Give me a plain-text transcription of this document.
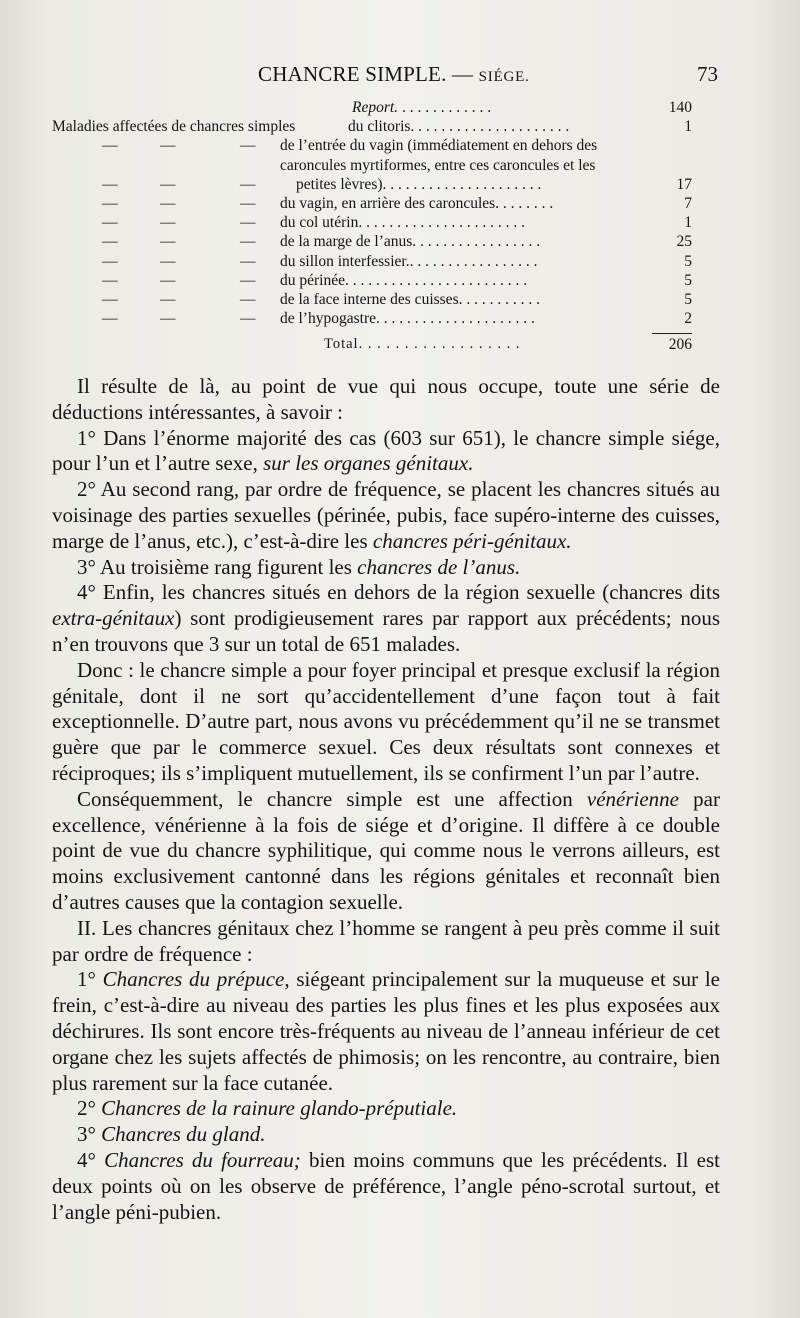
CHANCRE SIMPLE. — SIÉGE.	73
Report. . . . . . . . . . . . .	140
Maladies affectées de chancres simples	du clitoris. . . . . . . . . . . . . . . . . . . . .	1
—	—	— de l’entrée du vagin (immédiatement en dehors des
caroncules myrtiformes, entre ces caroncules et les
—	—	—	petites lèvres). . . . . . . . . . . . . . . . . . . . .	17
—	—	— du vagin, en arrière des caroncules. . . . . . . .	7
—	—	— du col utérin. . . . . . . . . . . . . . . . . . . . . .	1
—	—	— de la marge de l’anus. . . . . . . . . . . . . . . . .	25
—	—	— du sillon interfessier.. . . . . . . . . . . . . . . . .	5
—	—	— du périnée. . . . . . . . . . . . . . . . . . . . . . . .	5
—	—	— de la face interne des cuisses. . . . . . . . . . .	5
—	—	— de l’hypogastre. . . . . . . . . . . . . . . . . . . . .	2
Total. . . . . . . . . . . . . . . . . .	206

Il résulte de là, au point de vue qui nous occupe, toute une série de déductions intéressantes, à savoir :

1° Dans l’énorme majorité des cas (603 sur 651), le chancre simple siége, pour l’un et l’autre sexe, sur les organes génitaux.

2° Au second rang, par ordre de fréquence, se placent les chancres situés au voisinage des parties sexuelles (périnée, pubis, face supéro-interne des cuisses, marge de l’anus, etc.), c’est-à-dire les chancres péri-génitaux.

3° Au troisième rang figurent les chancres de l’anus.

4° Enfin, les chancres situés en dehors de la région sexuelle (chancres dits extra-génitaux) sont prodigieusement rares par rapport aux précédents; nous n’en trouvons que 3 sur un total de 651 malades.

Donc : le chancre simple a pour foyer principal et presque exclusif la région génitale, dont il ne sort qu’accidentellement d’une façon tout à fait exceptionnelle. D’autre part, nous avons vu précédemment qu’il ne se transmet guère que par le commerce sexuel. Ces deux résultats sont connexes et réciproques; ils s’impliquent mutuellement, ils se confirment l’un par l’autre.

Conséquemment, le chancre simple est une affection vénérienne par excellence, vénérienne à la fois de siége et d’origine. Il diffère à ce double point de vue du chancre syphilitique, qui comme nous le verrons ailleurs, est moins exclusivement cantonné dans les régions génitales et reconnaît bien d’autres causes que la contagion sexuelle.

II. Les chancres génitaux chez l’homme se rangent à peu près comme il suit par ordre de fréquence :

1° Chancres du prépuce, siégeant principalement sur la muqueuse et sur le frein, c’est-à-dire au niveau des parties les plus fines et les plus exposées aux déchirures. Ils sont encore très-fréquents au niveau de l’anneau inférieur de cet organe chez les sujets affectés de phimosis; on les rencontre, au contraire, bien plus rarement sur la face cutanée.

2° Chancres de la rainure glando-préputiale.

3° Chancres du gland.

4° Chancres du fourreau; bien moins communs que les précédents. Il est deux points où on les observe de préférence, l’angle péno-scrotal surtout, et l’angle péni-pubien.
